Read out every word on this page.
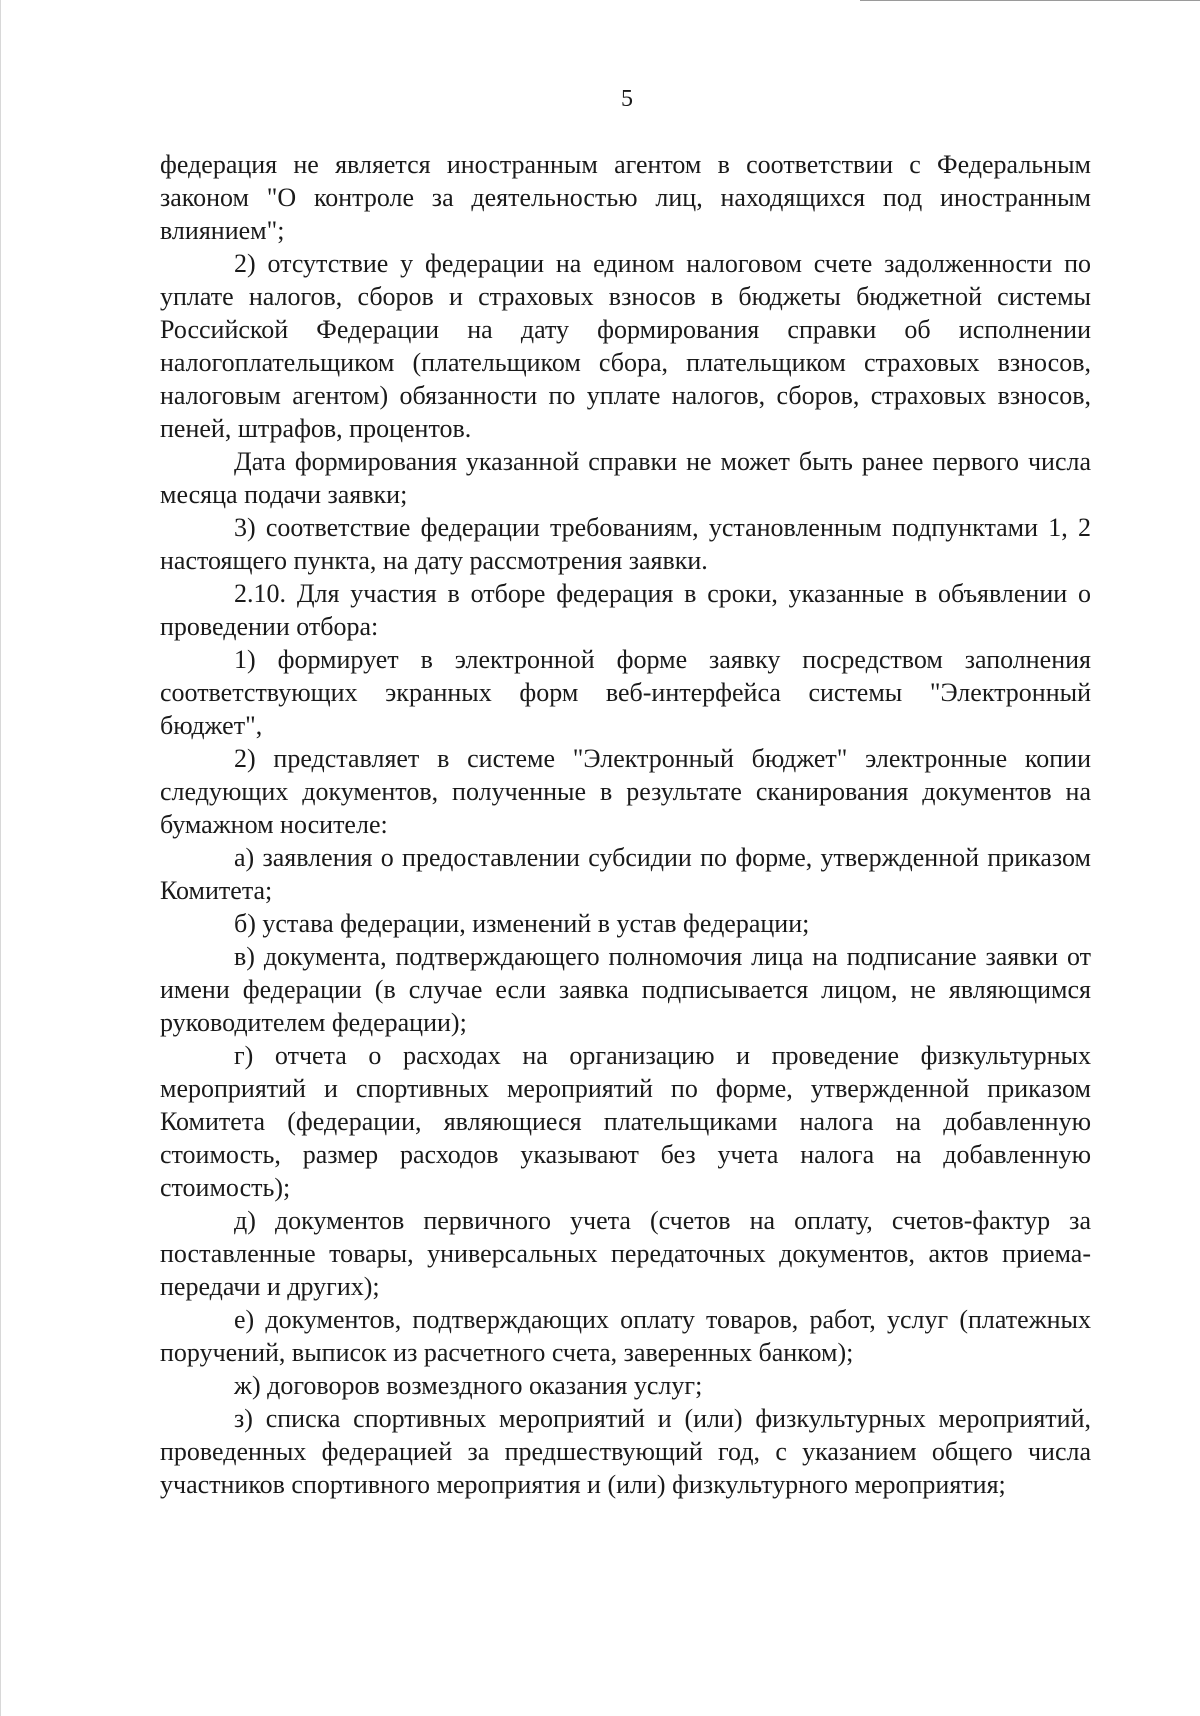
5

федерация не является иностранным агентом в соответствии с Федеральным законом "О контроле за деятельностью лиц, находящихся под иностранным влиянием";

2) отсутствие у федерации на едином налоговом счете задолженности по уплате налогов, сборов и страховых взносов в бюджеты бюджетной системы Российской Федерации на дату формирования справки об исполнении налогоплательщиком (плательщиком сбора, плательщиком страховых взносов, налоговым агентом) обязанности по уплате налогов, сборов, страховых взносов, пеней, штрафов, процентов.

Дата формирования указанной справки не может быть ранее первого числа месяца подачи заявки;

3) соответствие федерации требованиям, установленным подпунктами 1, 2 настоящего пункта, на дату рассмотрения заявки.

2.10. Для участия в отборе федерация в сроки, указанные в объявлении о проведении отбора:

1) формирует в электронной форме заявку посредством заполнения соответствующих экранных форм веб-интерфейса системы "Электронный бюджет",

2) представляет в системе "Электронный бюджет" электронные копии следующих документов, полученные в результате сканирования документов на бумажном носителе:

а) заявления о предоставлении субсидии по форме, утвержденной приказом Комитета;

б) устава федерации, изменений в устав федерации;

в) документа, подтверждающего полномочия лица на подписание заявки от имени федерации (в случае если заявка подписывается лицом, не являющимся руководителем федерации);

г) отчета о расходах на организацию и проведение физкультурных мероприятий и спортивных мероприятий по форме, утвержденной приказом Комитета (федерации, являющиеся плательщиками налога на добавленную стоимость, размер расходов указывают без учета налога на добавленную стоимость);

д) документов первичного учета (счетов на оплату, счетов-фактур за поставленные товары, универсальных передаточных документов, актов приема-передачи и других);

е) документов, подтверждающих оплату товаров, работ, услуг (платежных поручений, выписок из расчетного счета, заверенных банком);

ж) договоров возмездного оказания услуг;

з) списка спортивных мероприятий и (или) физкультурных мероприятий, проведенных федерацией за предшествующий год, с указанием общего числа участников спортивного мероприятия и (или) физкультурного мероприятия;
